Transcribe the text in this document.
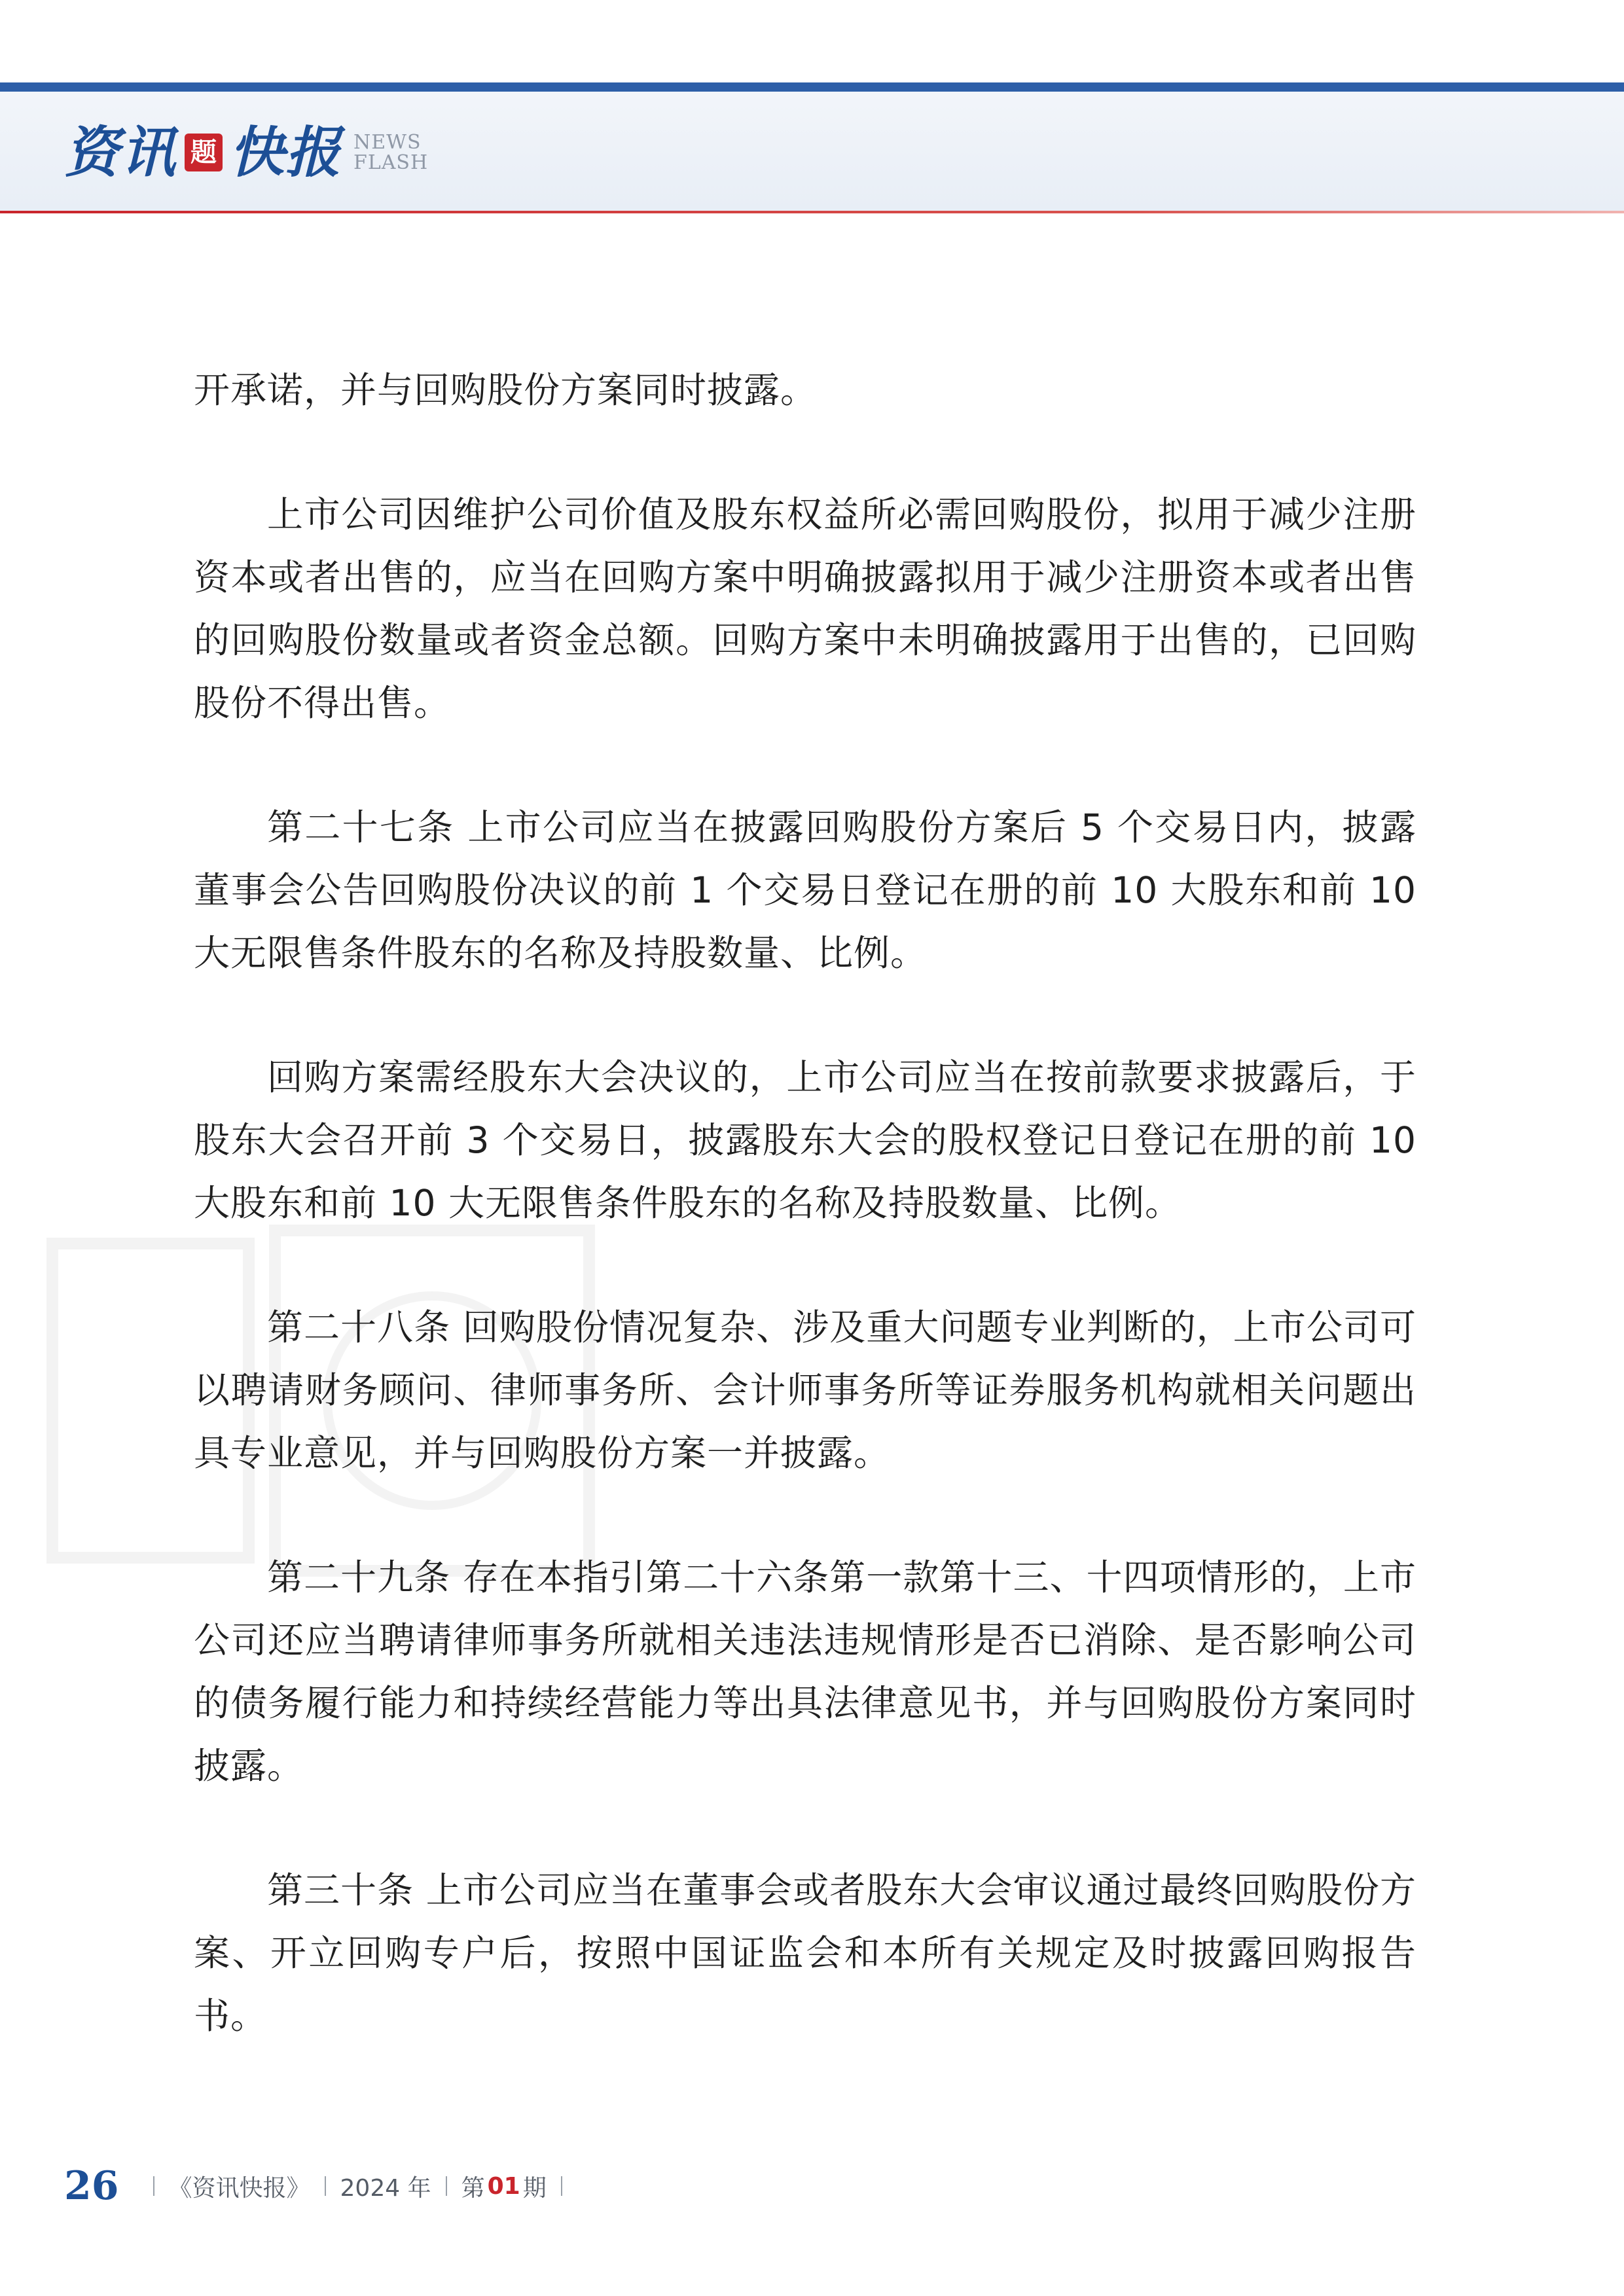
资讯 题 快报 NEWS
FLASH

开承诺，并与回购股份方案同时披露。

上市公司因维护公司价值及股东权益所必需回购股份，拟用于减少注册资本或者出售的，应当在回购方案中明确披露拟用于减少注册资本或者出售的回购股份数量或者资金总额。回购方案中未明确披露用于出售的，已回购股份不得出售。

第二十七条 上市公司应当在披露回购股份方案后 5 个交易日内，披露董事会公告回购股份决议的前 1 个交易日登记在册的前 10 大股东和前 10 大无限售条件股东的名称及持股数量、比例。

回购方案需经股东大会决议的，上市公司应当在按前款要求披露后，于股东大会召开前 3 个交易日，披露股东大会的股权登记日登记在册的前 10 大股东和前 10 大无限售条件股东的名称及持股数量、比例。

第二十八条 回购股份情况复杂、涉及重大问题专业判断的，上市公司可以聘请财务顾问、律师事务所、会计师事务所等证券服务机构就相关问题出具专业意见，并与回购股份方案一并披露。

第二十九条 存在本指引第二十六条第一款第十三、十四项情形的，上市公司还应当聘请律师事务所就相关违法违规情形是否已消除、是否影响公司的债务履行能力和持续经营能力等出具法律意见书，并与回购股份方案同时披露。

第三十条 上市公司应当在董事会或者股东大会审议通过最终回购股份方案、开立回购专户后，按照中国证监会和本所有关规定及时披露回购报告书。

26 《资讯快报》 2024 年 第 01 期
